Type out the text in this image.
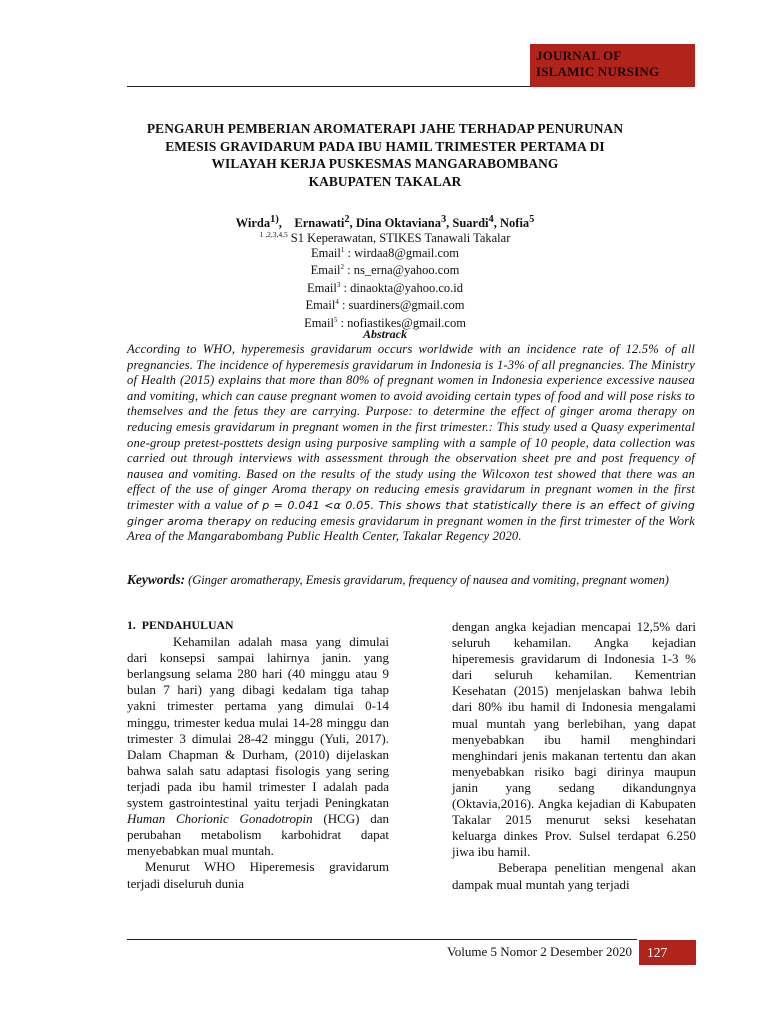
JOURNAL OF
ISLAMIC NURSING
PENGARUH PEMBERIAN AROMATERAPI JAHE TERHADAP PENURUNAN
EMESIS GRAVIDARUM PADA IBU HAMIL TRIMESTER PERTAMA DI
WILAYAH KERJA PUSKESMAS MANGARABOMBANG
KABUPATEN TAKALAR
Wirda$^{1)}$,    Ernawati$^2$, Dina Oktaviana$^3$, Suardi$^4$, Nofia$^5$
$^{1 ,2,3,4,5}$ S1 Keperawatan, STIKES Tanawali Takalar
Email$^1$ : wirdaa8@gmail.com
Email$^2$ : ns_erna@yahoo.com
Email$^3$ : dinaokta@yahoo.co.id
Email$^4$ : suardiners@gmail.com
Email$^5$ : nofiastikes@gmail.com
Abstrack
According to WHO, hyperemesis gravidarum occurs worldwide with an incidence rate of 12.5% of all pregnancies. The incidence of hyperemesis gravidarum in Indonesia is 1-3% of all pregnancies. The Ministry of Health (2015) explains that more than 80% of pregnant women in Indonesia experience excessive nausea and vomiting, which can cause pregnant women to avoid avoiding certain types of food and will pose risks to themselves and the fetus they are carrying. Purpose: to determine the effect of ginger aroma therapy on reducing emesis gravidarum in pregnant women in the first trimester.: This study used a Quasy experimental one-group pretest-posttets design using purposive sampling with a sample of 10 people, data collection was carried out through interviews with assessment through the observation sheet pre and post frequency of nausea and vomiting. Based on the results of the study using the Wilcoxon test showed that there was an effect of the use of ginger Aroma therapy on reducing emesis gravidarum in pregnant women in the first trimester with a value of p = 0.041 <α 0.05. This shows that statistically there is an effect of giving ginger aroma therapy on reducing emesis gravidarum in pregnant women in the first trimester of the Work Area of the Mangarabombang Public Health Center, Takalar Regency 2020.
Keywords: (Ginger aromatherapy, Emesis gravidarum, frequency of nausea and vomiting, pregnant women)
1.  PENDAHULUAN

Kehamilan adalah masa yang dimulai dari konsepsi sampai lahirnya janin. yang berlangsung selama 280 hari (40 minggu atau 9 bulan 7 hari) yang dibagi kedalam tiga tahap yakni trimester pertama yang dimulai 0-14 minggu, trimester kedua mulai 14-28 minggu dan trimester 3 dimulai 28-42 minggu (Yuli, 2017). Dalam Chapman & Durham, (2010) dijelaskan bahwa salah satu adaptasi fisologis yang sering terjadi pada ibu hamil trimester I adalah pada system gastrointestinal yaitu terjadi Peningkatan Human Chorionic Gonadotropin (HCG) dan perubahan metabolism karbohidrat dapat menyebabkan mual muntah.

Menurut WHO Hiperemesis gravidarum terjadi diseluruh dunia

dengan angka kejadian mencapai 12,5% dari seluruh kehamilan. Angka kejadian hiperemesis gravidarum di Indonesia 1-3 % dari seluruh kehamilan. Kementrian Kesehatan (2015) menjelaskan bahwa lebih dari 80% ibu hamil di Indonesia mengalami mual muntah yang berlebihan, yang dapat menyebabkan ibu hamil menghindari menghindari jenis makanan tertentu dan akan menyebabkan risiko bagi dirinya maupun janin yang sedang dikandungnya (Oktavia,2016). Angka kejadian di Kabupaten Takalar 2015 menurut seksi kesehatan keluarga dinkes Prov. Sulsel terdapat 6.250 jiwa ibu hamil.

Beberapa penelitian mengenal akan dampak mual muntah yang terjadi

Volume 5 Nomor 2 Desember 2020	127
